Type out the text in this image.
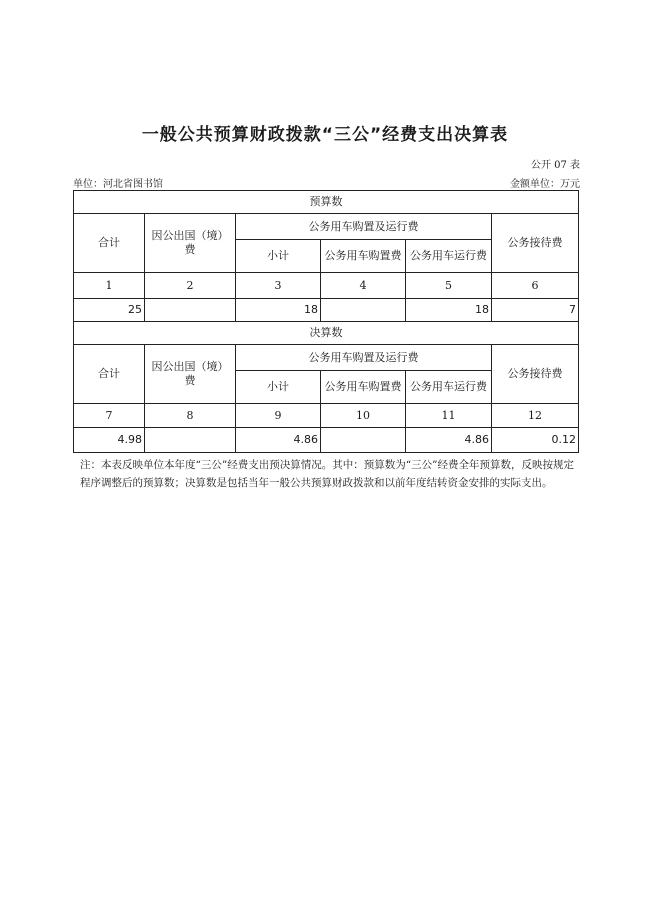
一般公共预算财政拨款“三公”经费支出决算表
公开 07 表
单位：河北省图书馆	金额单位：万元
预算数					
合计	因公出国（境）费	公务用车购置及运行费			公务接待费
		小计	公务用车购置费	公务用车运行费	
1	2	3	4	5	6
25		18		18	7
决算数					
合计	因公出国（境）费	公务用车购置及运行费			公务接待费
		小计	公务用车购置费	公务用车运行费	
7	8	9	10	11	12
4.98		4.86		4.86	0.12
注：本表反映单位本年度“三公”经费支出预决算情况。其中：预算数为“三公”经费全年预算数，反映按规定程序调整后的预算数；决算数是包括当年一般公共预算财政拨款和以前年度结转资金安排的实际支出。
